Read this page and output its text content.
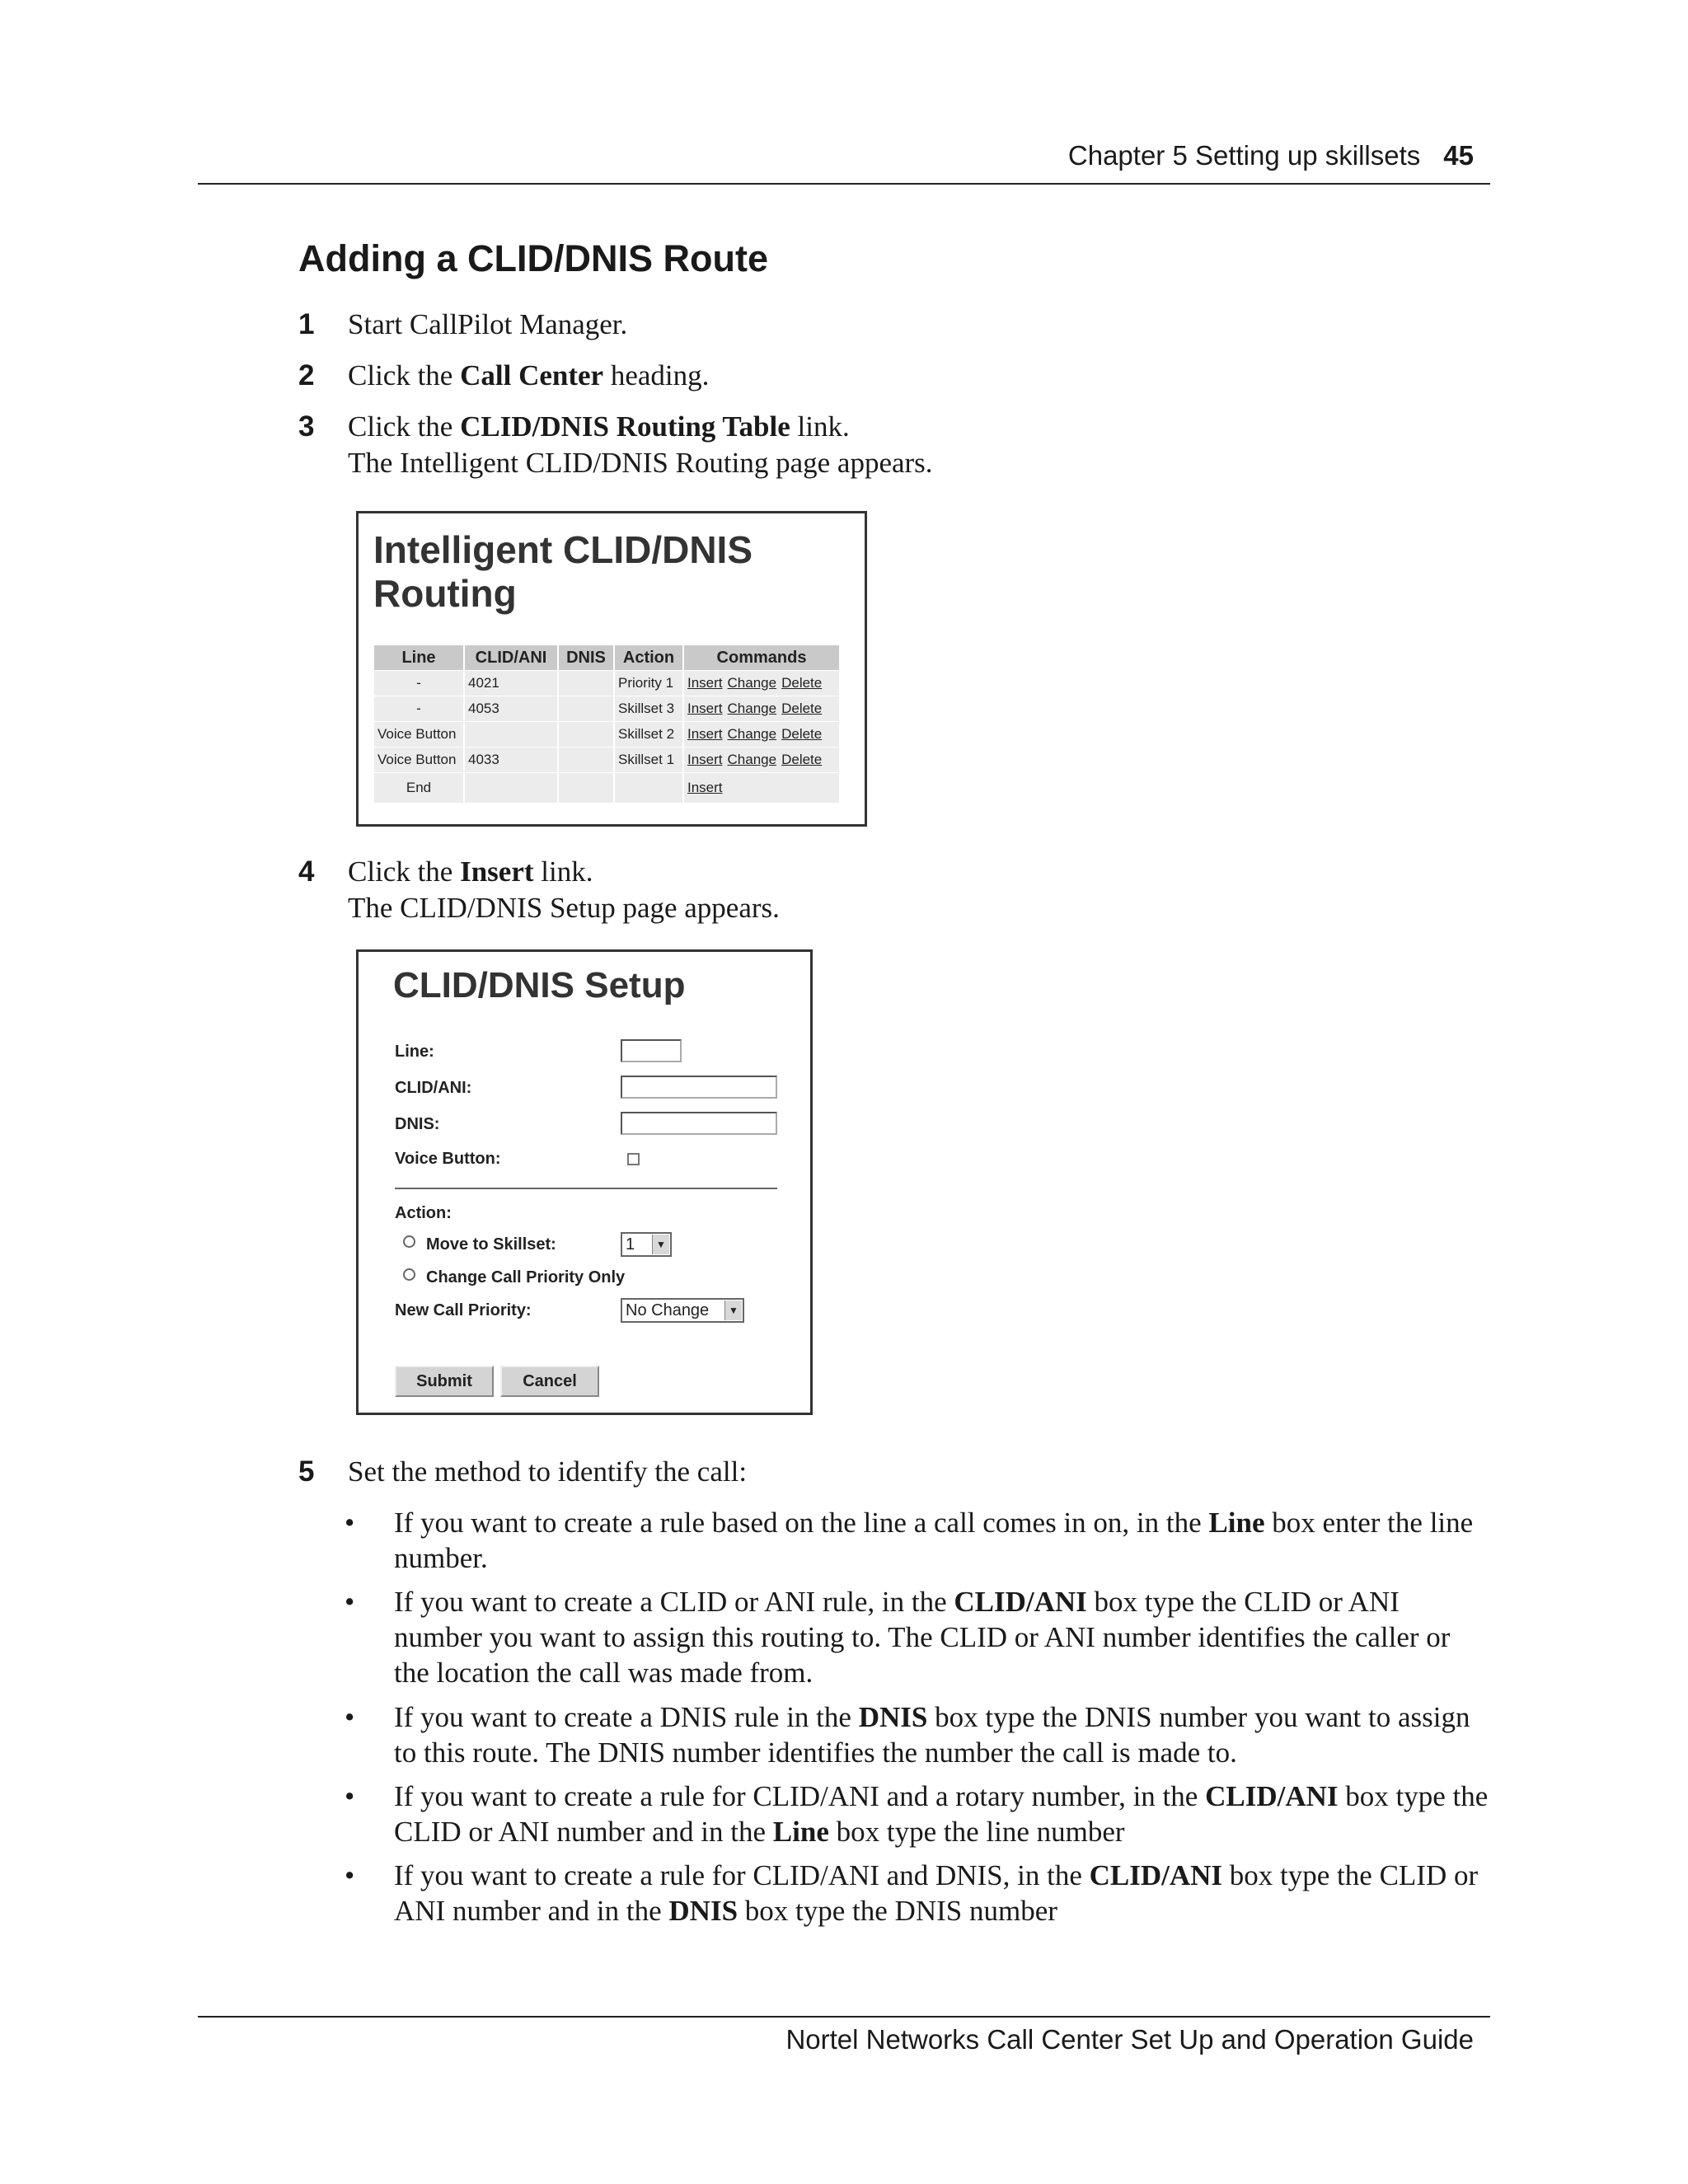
Chapter 5 Setting up skillsets 45
Adding a CLID/DNIS Route
1 Start CallPilot Manager.
2 Click the Call Center heading.
3 Click the CLID/DNIS Routing Table link.
The Intelligent CLID/DNIS Routing page appears.
Intelligent CLID/DNIS
Routing
Line	CLID/ANI	DNIS	Action	Commands
-	4021		Priority 1	Insert Change Delete
-	4053		Skillset 3	Insert Change Delete
Voice Button			Skillset 2	Insert Change Delete
Voice Button	4033		Skillset 1	Insert Change Delete
End				Insert
4 Click the Insert link.
The CLID/DNIS Setup page appears.
CLID/DNIS Setup
Line:
CLID/ANI:
DNIS:
Voice Button:
Action:
Move to Skillset:	1	▼
Change Call Priority Only
New Call Priority:	No Change	▼
Submit	Cancel
5 Set the method to identify the call:
• If you want to create a rule based on the line a call comes in on, in the Line box enter the line number.
• If you want to create a CLID or ANI rule, in the CLID/ANI box type the CLID or ANI number you want to assign this routing to. The CLID or ANI number identifies the caller or the location the call was made from.
• If you want to create a DNIS rule in the DNIS box type the DNIS number you want to assign to this route. The DNIS number identifies the number the call is made to.
• If you want to create a rule for CLID/ANI and a rotary number, in the CLID/ANI box type the CLID or ANI number and in the Line box type the line number
• If you want to create a rule for CLID/ANI and DNIS, in the CLID/ANI box type the CLID or ANI number and in the DNIS box type the DNIS number
Nortel Networks Call Center Set Up and Operation Guide
